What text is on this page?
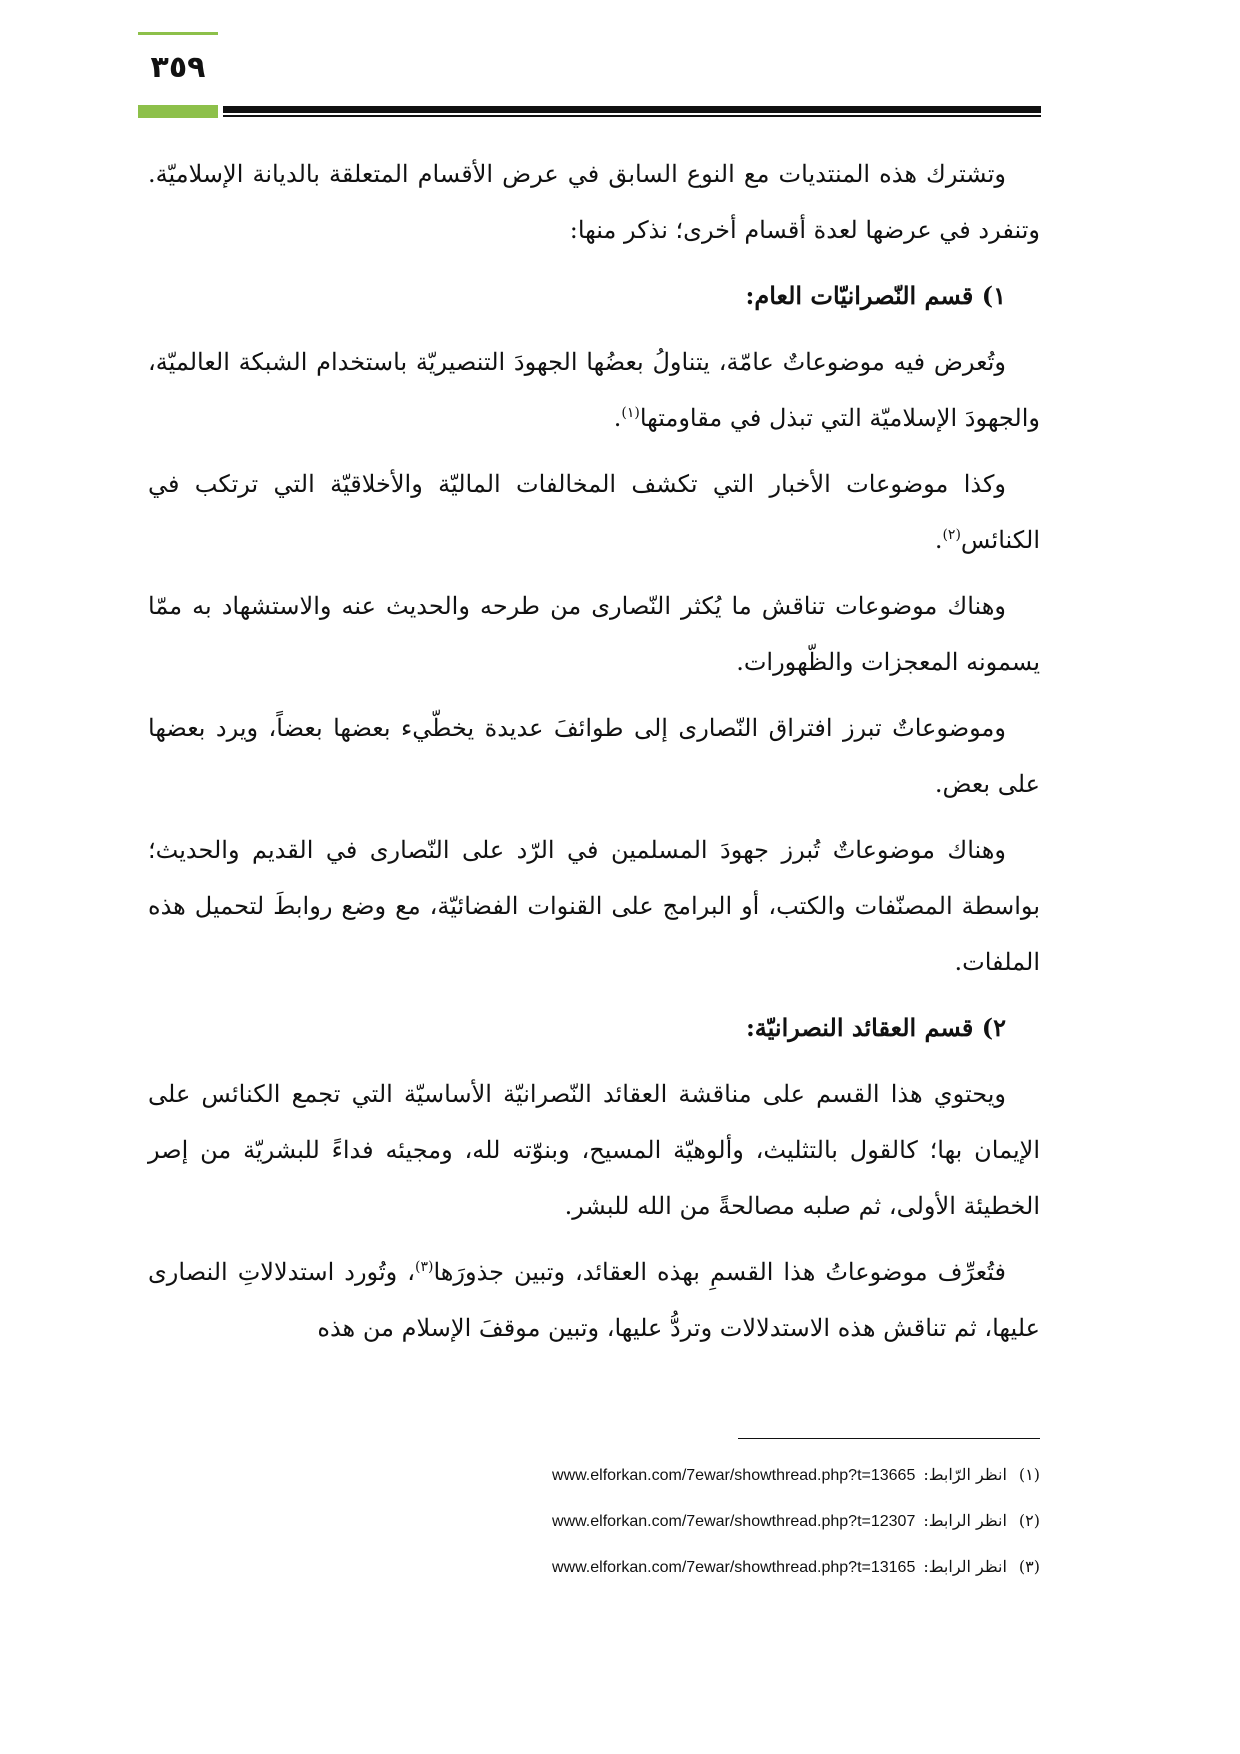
٣٥٩

وتشترك هذه المنتديات مع النوع السابق في عرض الأقسام المتعلقة بالديانة الإسلاميّة. وتنفرد في عرضها لعدة أقسام أخرى؛ نذكر منها:

١) قسم النّصرانيّات العام:

وتُعرض فيه موضوعاتٌ عامّة، يتناولُ بعضُها الجهودَ التنصيريّة باستخدام الشبكة العالميّة، والجهودَ الإسلاميّة التي تبذل في مقاومتها$^{(١)}$.

وكذا موضوعات الأخبار التي تكشف المخالفات الماليّة والأخلاقيّة التي ترتكب في الكنائس$^{(٢)}$.

وهناك موضوعات تناقش ما يُكثر النّصارى من طرحه والحديث عنه والاستشهاد به ممّا يسمونه المعجزات والظّهورات.

وموضوعاتٌ تبرز افتراق النّصارى إلى طوائفَ عديدة يخطّيء بعضها بعضاً، ويرد بعضها على بعض.

وهناك موضوعاتٌ تُبرز جهودَ المسلمين في الرّد على النّصارى في القديم والحديث؛ بواسطة المصنّفات والكتب، أو البرامج على القنوات الفضائيّة، مع وضع روابطَ لتحميل هذه الملفات.

٢) قسم العقائد النصرانيّة:

ويحتوي هذا القسم على مناقشة العقائد النّصرانيّة الأساسيّة التي تجمع الكنائس على الإيمان بها؛ كالقول بالتثليث، وألوهيّة المسيح، وبنوّته لله، ومجيئه فداءً للبشريّة من إصر الخطيئة الأولى، ثم صلبه مصالحةً من الله للبشر.

فتُعرِّف موضوعاتُ هذا القسمِ بهذه العقائد، وتبين جذورَها$^{(٣)}$، وتُورد استدلالاتِ النصارى عليها، ثم تناقش هذه الاستدلالات وتردُّ عليها، وتبين موقفَ الإسلام من هذه

(١)
انظر الرّابط:
www.elforkan.com/7ewar/showthread.php?t=13665
(٢)
انظر الرابط:
www.elforkan.com/7ewar/showthread.php?t=12307
(٣)
انظر الرابط:
www.elforkan.com/7ewar/showthread.php?t=13165
